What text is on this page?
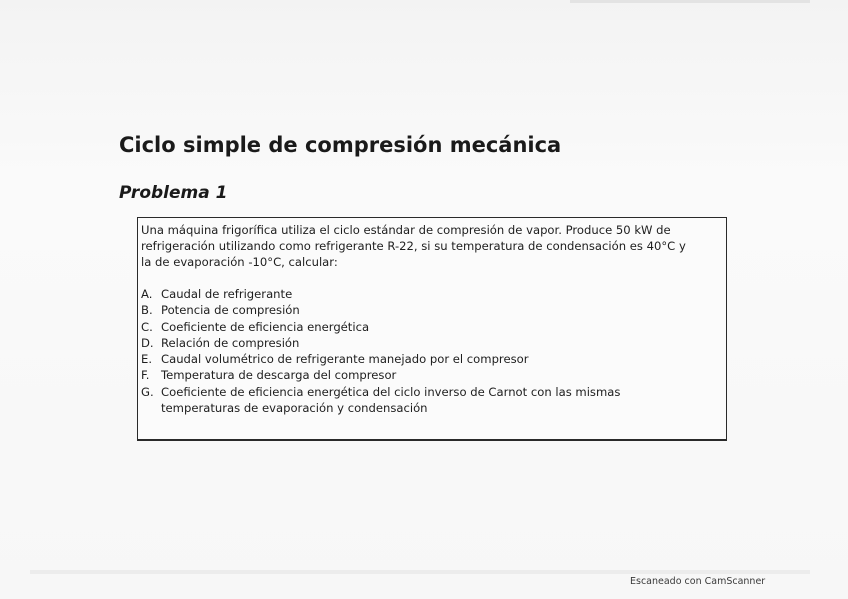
Ciclo simple de compresión mecánica
Problema 1

Una máquina frigorífica utiliza el ciclo estándar de compresión de vapor. Produce 50 kW de

refrigeración utilizando como refrigerante R-22, si su temperatura de condensación es 40°C y

la de evaporación -10°C, calcular:

A. Caudal de refrigerante
B. Potencia de compresión
C. Coeficiente de eficiencia energética
D. Relación de compresión
E. Caudal volumétrico de refrigerante manejado por el compresor
F. Temperatura de descarga del compresor
G. Coeficiente de eficiencia energética del ciclo inverso de Carnot con las mismas
temperaturas de evaporación y condensación
Escaneado con CamScanner
